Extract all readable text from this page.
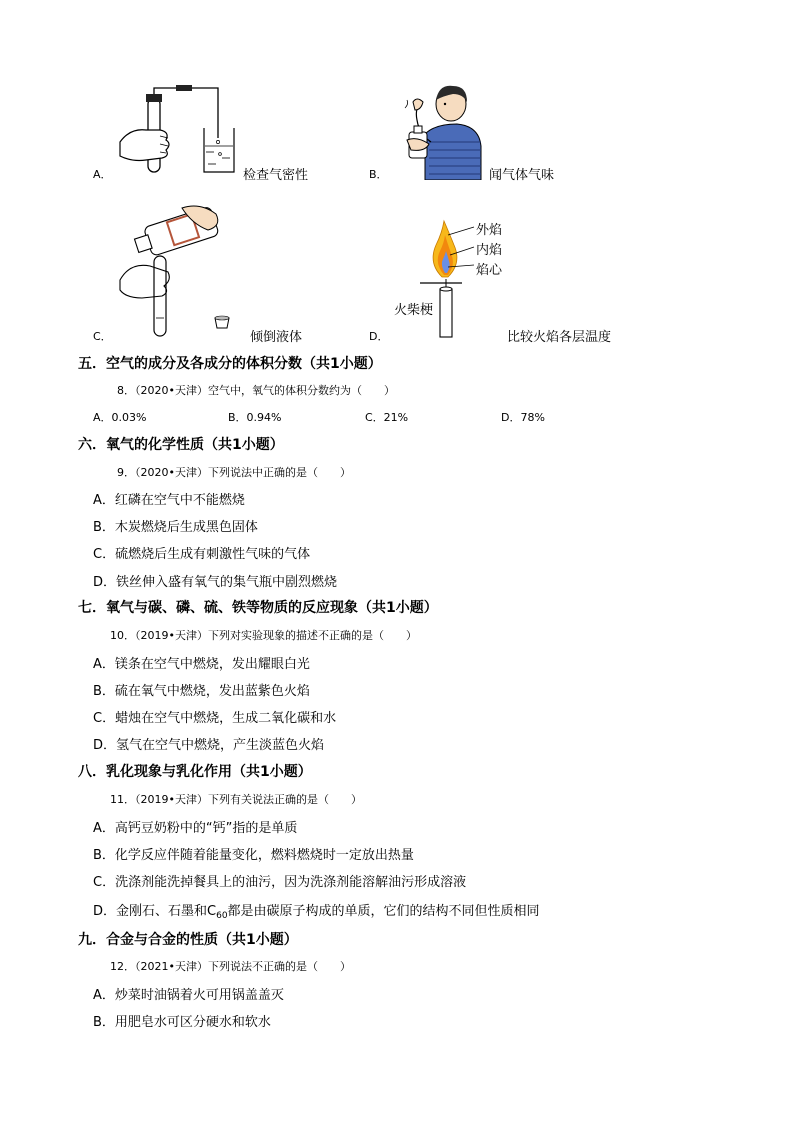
A．	检查气密性	B．	闻气体气味
C．	倾倒液体
外焰
内焰
焰心
火柴梗
D．	比较火焰各层温度
五．空气的成分及各成分的体积分数（共1小题）
8．（2020•天津）空气中，氧气的体积分数约为（　　）
A．0.03%	B．0.94%	C．21%	D．78%
六．氧气的化学性质（共1小题）
9．（2020•天津）下列说法中正确的是（　　）
A．红磷在空气中不能燃烧
B．木炭燃烧后生成黑色固体
C．硫燃烧后生成有刺激性气味的气体
D．铁丝伸入盛有氧气的集气瓶中剧烈燃烧
七．氧气与碳、磷、硫、铁等物质的反应现象（共1小题）
10．（2019•天津）下列对实验现象的描述不正确的是（　　）
A．镁条在空气中燃烧，发出耀眼白光
B．硫在氧气中燃烧，发出蓝紫色火焰
C．蜡烛在空气中燃烧，生成二氧化碳和水
D．氢气在空气中燃烧，产生淡蓝色火焰
八．乳化现象与乳化作用（共1小题）
11．（2019•天津）下列有关说法正确的是（　　）
A．高钙豆奶粉中的“钙”指的是单质
B．化学反应伴随着能量变化，燃料燃烧时一定放出热量
C．洗涤剂能洗掉餐具上的油污，因为洗涤剂能溶解油污形成溶液
D．金刚石、石墨和$C_{60}$都是由碳原子构成的单质，它们的结构不同但性质相同
九．合金与合金的性质（共1小题）
12．（2021•天津）下列说法不正确的是（　　）
A．炒菜时油锅着火可用锅盖盖灭
B．用肥皂水可区分硬水和软水
